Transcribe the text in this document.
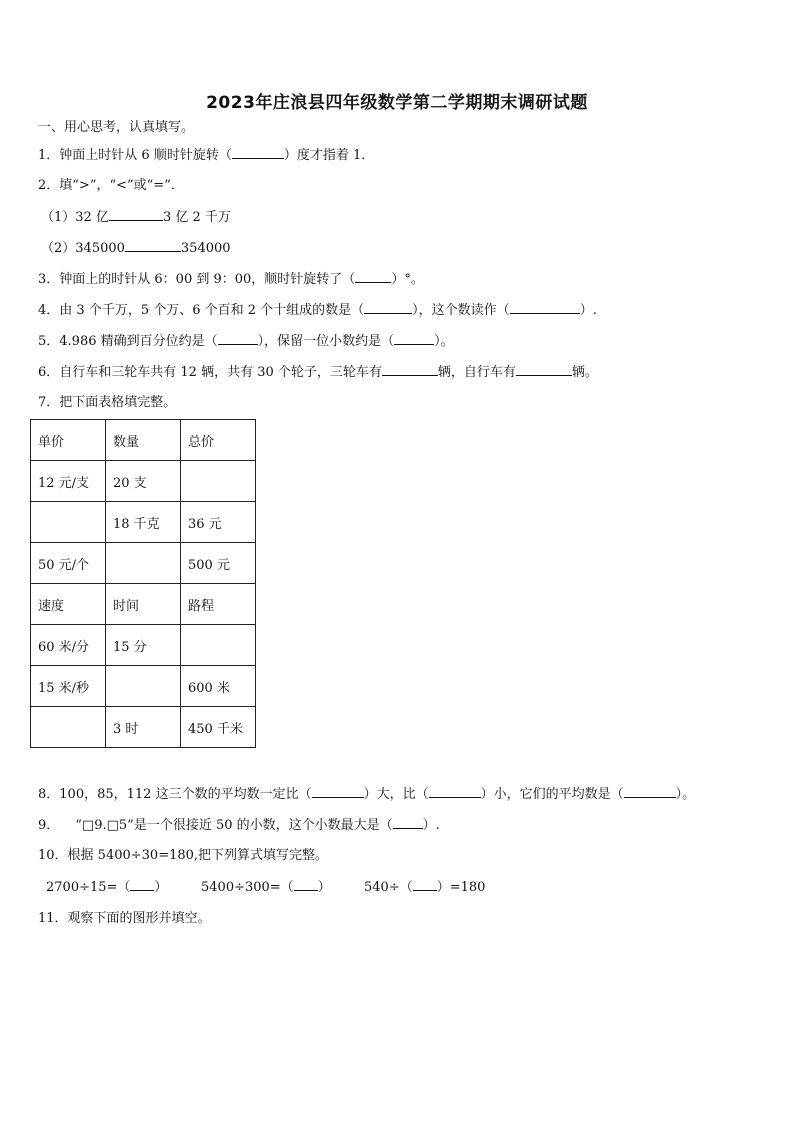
2023年庄浪县四年级数学第二学期期末调研试题
一、用心思考，认真填写。
1．钟面上时针从 6 顺时针旋转（	）度才指着 1．
2．填“>”，“<”或“=”．
（1）32 亿	3 亿 2 千万
（2）345000	354000
3．钟面上的时针从 6：00 到 9：00，顺时针旋转了（	）°。
4．由 3 个千万，5 个万、6 个百和 2 个十组成的数是（	），这个数读作（	）.
5．4.986 精确到百分位约是（	），保留一位小数约是（	）。
6．自行车和三轮车共有 12 辆，共有 30 个轮子，三轮车有	辆，自行车有	辆。
7．把下面表格填完整。
单价	数量	总价
12 元/支	20 支	
	18 千克	36 元
50 元/个		500 元
速度	时间	路程
60 米/分	15 分	
15 米/秒		600 米
	3 时	450 千米
8．100，85，112 这三个数的平均数一定比（	）大，比（	）小，它们的平均数是（	）。
9． “□9.□5”是一个很接近 50 的小数，这个小数最大是（ ）.
10．根据 5400÷30=180,把下列算式填写完整。
2700÷15=（ ）	5400÷300=（ ）	540÷（ ）=180
11．观察下面的图形并填空。
